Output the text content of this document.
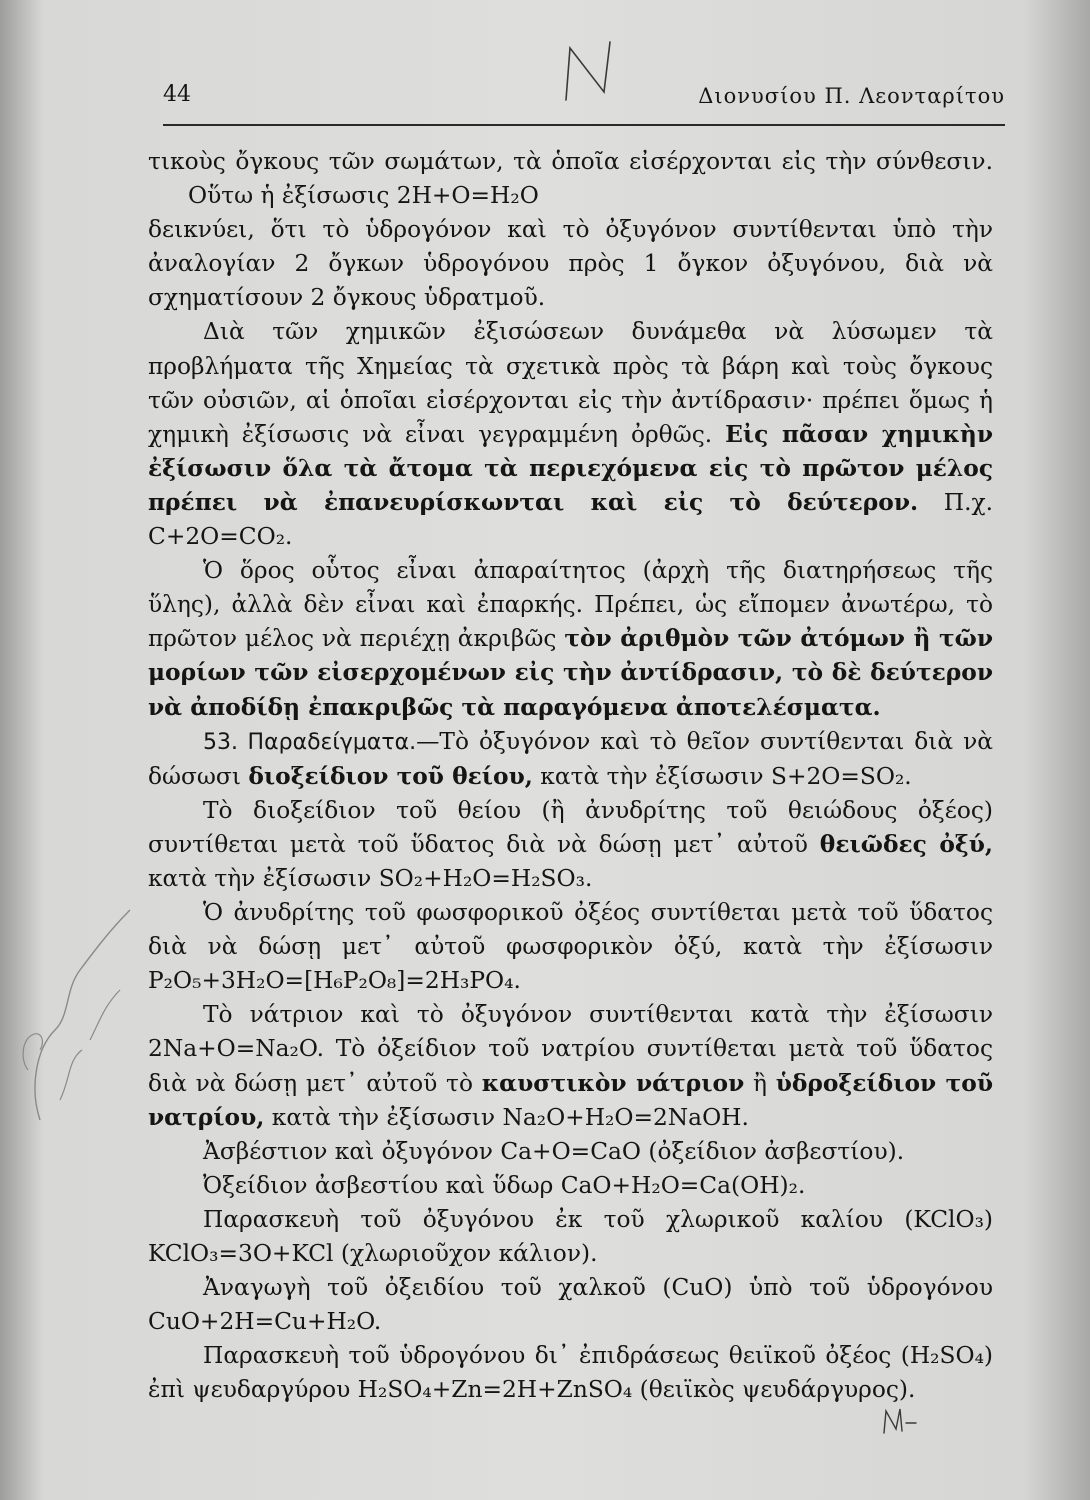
44	Διονυσίου Π. Λεονταρίτου

τικοὺς ὄγκους τῶν σωμάτων, τὰ ὁποῖα εἰσέρχονται εἰς τὴν σύνθεσιν.

Οὕτω ἡ ἐξίσωσις 2H+O=H₂O

δεικνύει, ὅτι τὸ ὑδρογόνον καὶ τὸ ὀξυγόνον συντίθενται ὑπὸ τὴν ἀναλογίαν 2 ὄγκων ὑδρογόνου πρὸς 1 ὄγκον ὀξυγόνου, διὰ νὰ σχηματίσουν 2 ὄγκους ὑδρατμοῦ.

Διὰ τῶν χημικῶν ἐξισώσεων δυνάμεθα νὰ λύσωμεν τὰ προβλήματα τῆς Χημείας τὰ σχετικὰ πρὸς τὰ βάρη καὶ τοὺς ὄγκους τῶν οὐσιῶν, αἱ ὁποῖαι εἰσέρχονται εἰς τὴν ἀντίδρασιν· πρέπει ὅμως ἡ χημικὴ ἐξίσωσις νὰ εἶναι γεγραμμένη ὀρθῶς. Εἰς πᾶσαν χημικὴν ἐξίσωσιν ὅλα τὰ ἄτομα τὰ περιεχόμενα εἰς τὸ πρῶτον μέλος πρέπει νὰ ἐπανευρίσκωνται καὶ εἰς τὸ δεύτερον. Π.χ. C+2O=CO₂.

Ὁ ὅρος οὗτος εἶναι ἀπαραίτητος (ἀρχὴ τῆς διατηρήσεως τῆς ὕλης), ἀλλὰ δὲν εἶναι καὶ ἐπαρκής. Πρέπει, ὡς εἴπομεν ἀνωτέρω, τὸ πρῶτον μέλος νὰ περιέχῃ ἀκριβῶς τὸν ἀριθμὸν τῶν ἀτόμων ἢ τῶν μορίων τῶν εἰσερχομένων εἰς τὴν ἀντίδρασιν, τὸ δὲ δεύτερον νὰ ἀποδίδῃ ἐπακριβῶς τὰ παραγόμενα ἀποτελέσματα.

53. Παραδείγματα.—Τὸ ὀξυγόνον καὶ τὸ θεῖον συντίθενται διὰ νὰ δώσωσι διοξείδιον τοῦ θείου, κατὰ τὴν ἐξίσωσιν S+2O=SO₂.

Τὸ διοξείδιον τοῦ θείου (ἢ ἀνυδρίτης τοῦ θειώδους ὀξέος) συντίθεται μετὰ τοῦ ὕδατος διὰ νὰ δώσῃ μετ᾽ αὐτοῦ θειῶδες ὀξύ, κατὰ τὴν ἐξίσωσιν SO₂+H₂O=H₂SO₃.

Ὁ ἀνυδρίτης τοῦ φωσφορικοῦ ὀξέος συντίθεται μετὰ τοῦ ὕδατος διὰ νὰ δώσῃ μετ᾽ αὐτοῦ φωσφορικὸν ὀξύ, κατὰ τὴν ἐξίσωσιν P₂O₅+3H₂O=[H₆P₂O₈]=2H₃PO₄.

Τὸ νάτριον καὶ τὸ ὀξυγόνον συντίθενται κατὰ τὴν ἐξίσωσιν 2Na+O=Na₂O. Τὸ ὀξείδιον τοῦ νατρίου συντίθεται μετὰ τοῦ ὕδατος διὰ νὰ δώσῃ μετ᾽ αὐτοῦ τὸ καυστικὸν νάτριον ἢ ὑδροξείδιον τοῦ νατρίου, κατὰ τὴν ἐξίσωσιν Na₂O+H₂O=2NaOH.

Ἀσβέστιον καὶ ὀξυγόνον Ca+O=CaO (ὀξείδιον ἀσβεστίου).

Ὀξείδιον ἀσβεστίου καὶ ὕδωρ CaO+H₂O=Ca(OH)₂.

Παρασκευὴ τοῦ ὀξυγόνου ἐκ τοῦ χλωρικοῦ καλίου (KClO₃) KClO₃=3O+KCl (χλωριοῦχον κάλιον).

Ἀναγωγὴ τοῦ ὀξειδίου τοῦ χαλκοῦ (CuO) ὑπὸ τοῦ ὑδρογόνου CuO+2H=Cu+H₂O.

Παρασκευὴ τοῦ ὑδρογόνου δι᾽ ἐπιδράσεως θειϊκοῦ ὀξέος (H₂SO₄) ἐπὶ ψευδαργύρου H₂SO₄+Zn=2H+ZnSO₄ (θειϊκὸς ψευδάργυρος).
